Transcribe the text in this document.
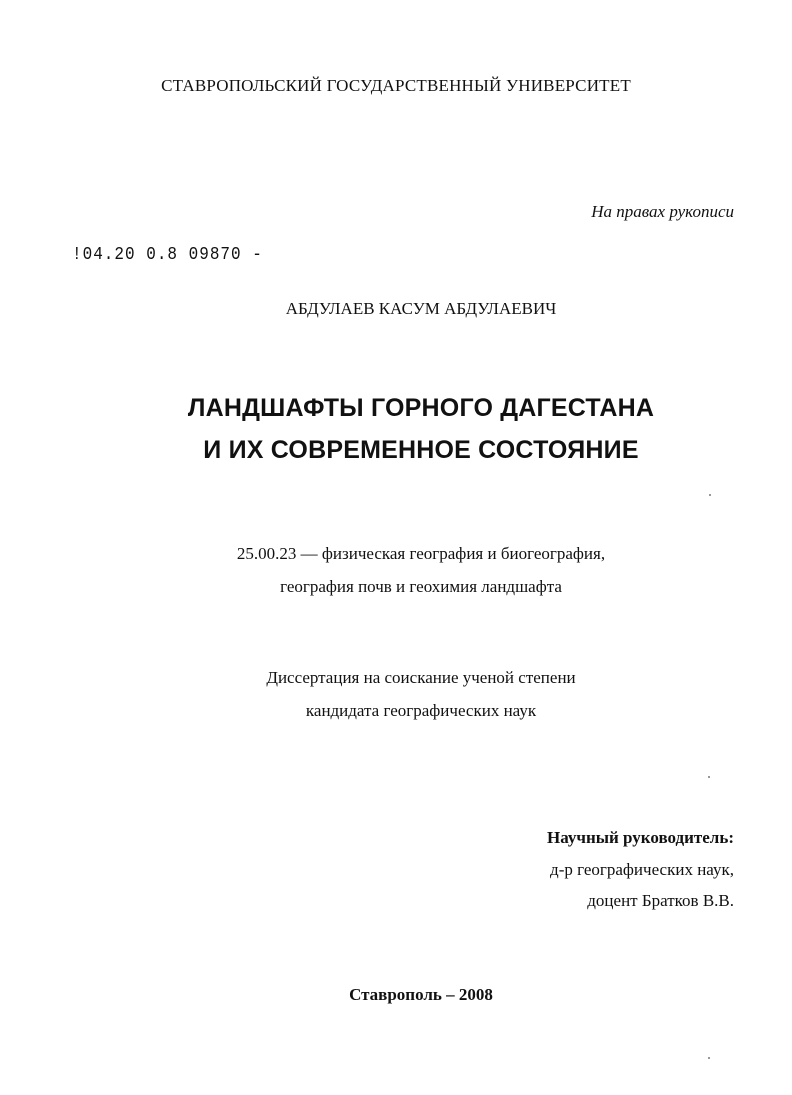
СТАВРОПОЛЬСКИЙ ГОСУДАРСТВЕННЫЙ УНИВЕРСИТЕТ
На правах рукописи
!04.20 0.8 09870 -
АБДУЛАЕВ КАСУМ АБДУЛАЕВИЧ
ЛАНДШАФТЫ ГОРНОГО ДАГЕСТАНА
И ИХ СОВРЕМЕННОЕ СОСТОЯНИЕ
25.00.23 — физическая география и биогеография,
география почв и геохимия ландшафта
Диссертация на соискание ученой степени
кандидата географических наук
Научный руководитель:
д-р географических наук,
доцент Братков В.В.
Ставрополь – 2008
